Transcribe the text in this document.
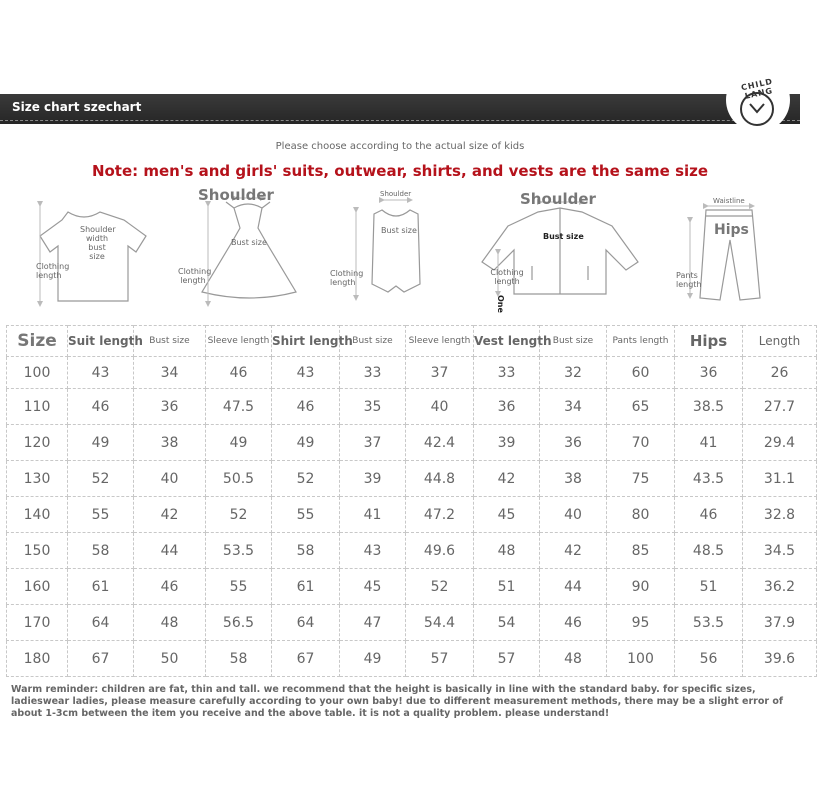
Size chart szechart
CHILD LANG
Please choose according to the actual size of kids
Note: men's and girls' suits, outwear, shirts, and vests are the same size
Shoulder
width
bust size
Clothing length
Shoulder
Bust size
Clothing
length
Shoulder
Bust size
Clothing
length
Shoulder
Bust size
Clothing
length
One
Waistline
Hips
Pants
length
Size	Suit length	Bust size	Sleeve length	Shirt length	Bust size	Sleeve length	Vest length	Bust size	Pants length	Hips	Length
100	43	34	46	43	33	37	33	32	60	36	26
110	46	36	47.5	46	35	40	36	34	65	38.5	27.7
120	49	38	49	49	37	42.4	39	36	70	41	29.4
130	52	40	50.5	52	39	44.8	42	38	75	43.5	31.1
140	55	42	52	55	41	47.2	45	40	80	46	32.8
150	58	44	53.5	58	43	49.6	48	42	85	48.5	34.5
160	61	46	55	61	45	52	51	44	90	51	36.2
170	64	48	56.5	64	47	54.4	54	46	95	53.5	37.9
180	67	50	58	67	49	57	57	48	100	56	39.6
Warm reminder: children are fat, thin and tall. we recommend that the height is basically in line with the standard baby. for specific sizes, ladieswear ladies, please measure carefully according to your own baby! due to different measurement methods, there may be a slight error of about 1-3cm between the item you receive and the above table. it is not a quality problem. please understand!
